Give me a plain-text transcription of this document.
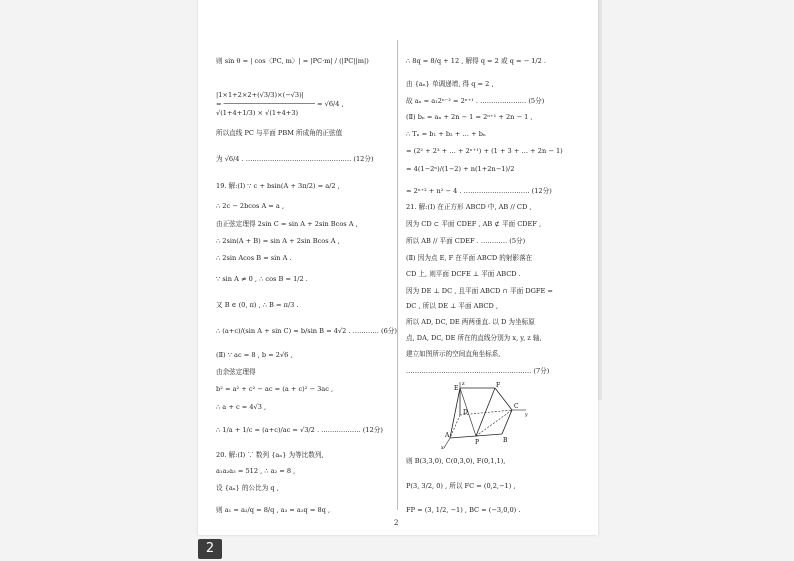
则 sin θ = | cos〈PC, m〉| = |PC·m| / (|PC||m|)
|1×1+2×2+(√3/3)×(−√3)|
= ─────────────────────── = √6/4 ,
√(1+4+1/3) × √(1+4+3)
所以直线 PC 与平面 PBM 所成角的正弦值
为 √6/4 . ………………………………………… (12分)
19. 解:(Ⅰ) ∵ c + bsin(A + 3π/2) = a/2 ,
∴ 2c − 2bcos A = a ,
由正弦定理得 2sin C = sin A + 2sin Bcos A ,
∴ 2sin(A + B) = sin A + 2sin Bcos A ,
∴ 2sin Acos B = sin A .
∵ sin A ≠ 0 , ∴ cos B = 1/2 .
又 B ∈ (0, π) , ∴ B = π/3 .
∴ (a+c)/(sin A + sin C) = b/sin B = 4√2 . ………… (6分)
(Ⅱ) ∵ ac = 8 , b = 2√6 ,
由余弦定理得
b² = a² + c² − ac = (a + c)² − 3ac ,
∴ a + c = 4√3 ,
∴ 1/a + 1/c = (a+c)/ac = √3/2 . ……………… (12分)
20. 解:(Ⅰ) ∵ 数列 {aₙ} 为等比数列,
a₁a₂a₃ = 512 , ∴ a₂ = 8 ,
设 {aₙ} 的公比为 q ,
则 a₁ = a₂/q = 8/q , a₃ = a₂q = 8q ,
∴ 8q = 8/q + 12 , 解得 q = 2 或 q = − 1/2 .
由 {aₙ} 单调递增, 得 q = 2 ,
故 aₙ = a₁2ⁿ⁻² = 2ⁿ⁺¹ . ………………… (5分)
(Ⅱ) bₙ = aₙ + 2n − 1 = 2ⁿ⁺¹ + 2n − 1 ,
∴ Tₙ = b₁ + b₂ + … + bₙ
= (2² + 2³ + … + 2ⁿ⁺¹) + (1 + 3 + … + 2n − 1)
= 4(1−2ⁿ)/(1−2) + n(1+2n−1)/2
= 2ⁿ⁺² + n² − 4 . ………………………… (12分)
21. 解:(Ⅰ) 在正方形 ABCD 中, AB // CD ,
因为 CD ⊂ 平面 CDEF , AB ⊄ 平面 CDEF ,
所以 AB // 平面 CDEF . ………… (5分)
(Ⅱ) 因为点 E, F 在平面 ABCD 的射影落在
CD 上, 则平面 DCFE ⊥ 平面 ABCD .
因为 DE ⊥ DC , 且平面 ABCD ∩ 平面 DGFE =
DC , 所以 DE ⊥ 平面 ABCD ,
所以 AD, DC, DE 两两垂直. 以 D 为坐标原
点, DA, DC, DE 所在的直线分别为 x, y, z 轴,
建立如图所示的空间直角坐标系,
………………………………………………… (7分)
则 B(3,3,0), C(0,3,0), F(0,1,1),
P(3, 3/2, 0) , 所以 FC = (0,2,−1) ,
FP = (3, 1/2, −1) , BC = (−3,0,0) .
E	F
D
C
A
B
P
x
y
z
2
2
